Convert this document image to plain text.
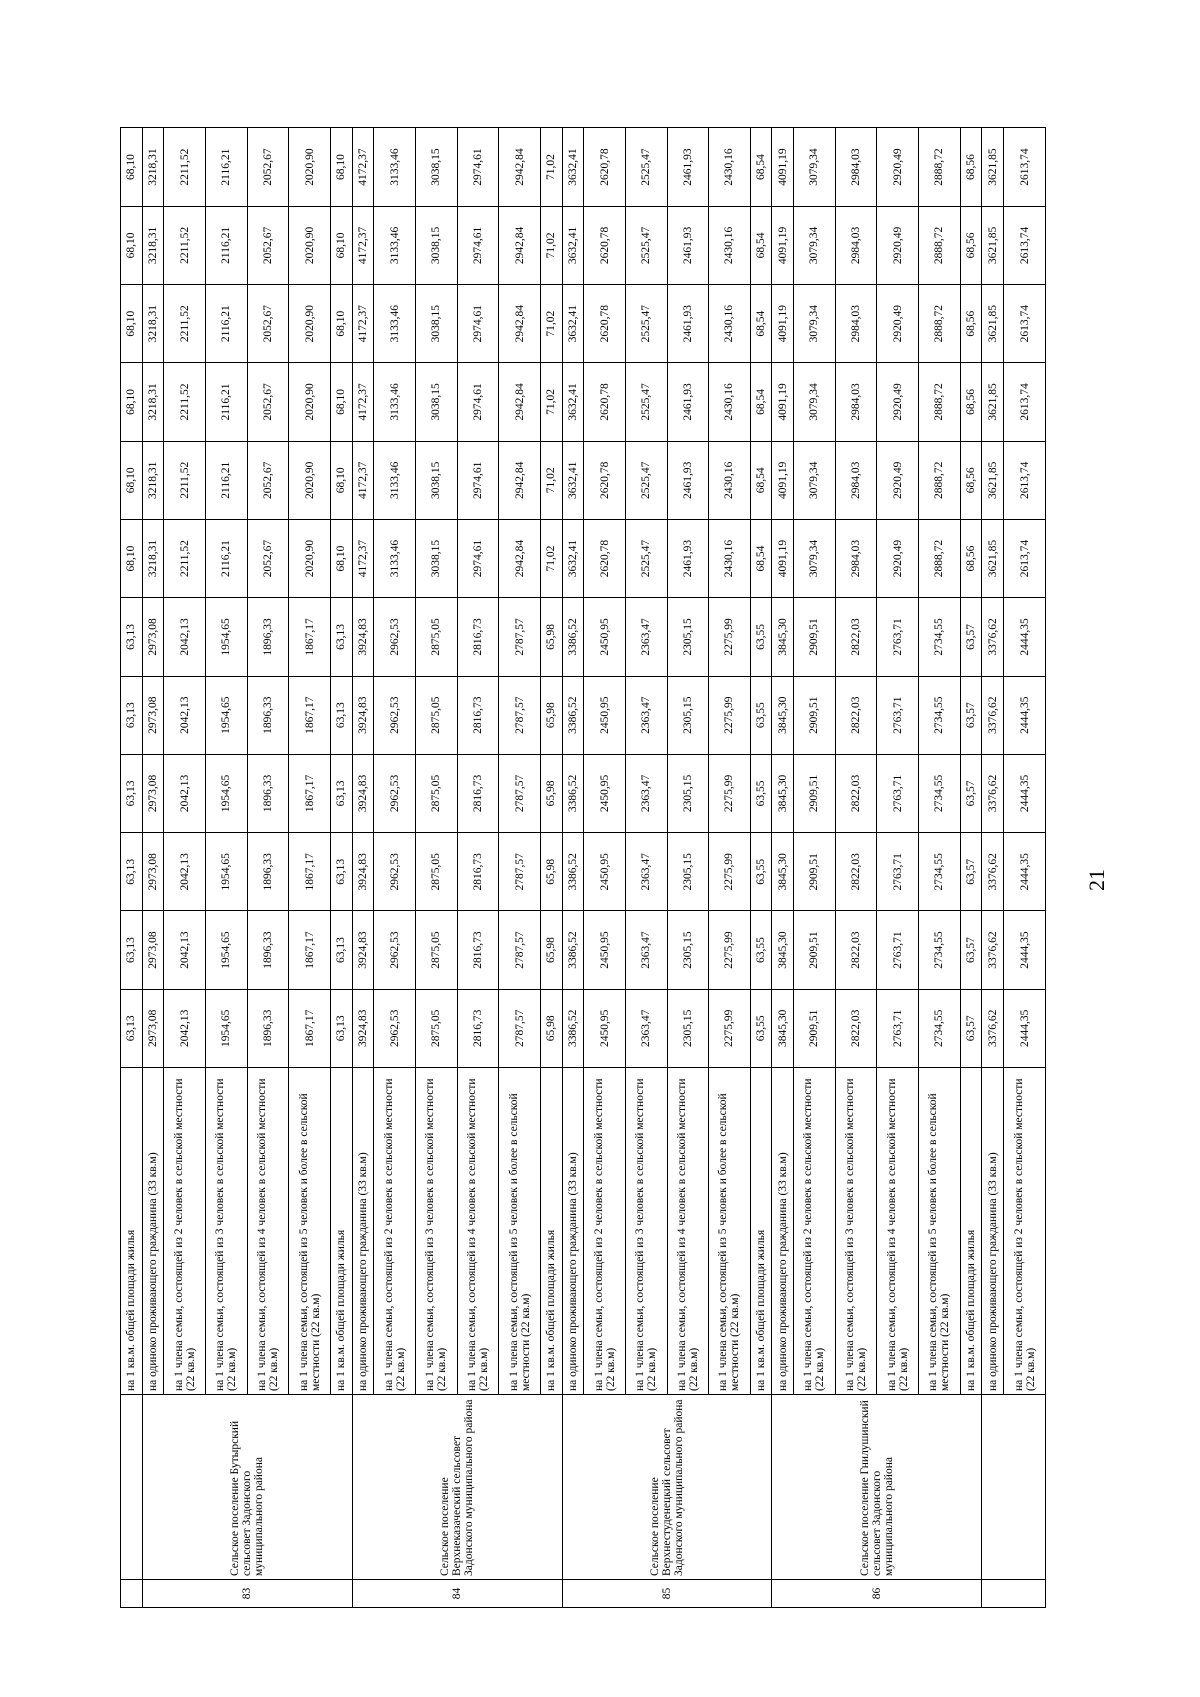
		на 1 кв.м. общей площади жилья	63,13	63,13	63,13	63,13	63,13	63,13	68,10	68,10	68,10	68,10	68,10	68,10
83	Сельское поселение Бутырский сельсовет Задонского муниципального района	на одиноко проживающего гражданина (33 кв.м)	2973,08	2973,08	2973,08	2973,08	2973,08	2973,08	3218,31	3218,31	3218,31	3218,31	3218,31	3218,31
		на 1 члена семьи, состоящей из 2 человек в сельской местности (22 кв.м)	2042,13	2042,13	2042,13	2042,13	2042,13	2042,13	2211,52	2211,52	2211,52	2211,52	2211,52	2211,52
		на 1 члена семьи, состоящей из 3 человек в сельской местности (22 кв.м)	1954,65	1954,65	1954,65	1954,65	1954,65	1954,65	2116,21	2116,21	2116,21	2116,21	2116,21	2116,21
		на 1 члена семьи, состоящей из 4 человек в сельской местности (22 кв.м)	1896,33	1896,33	1896,33	1896,33	1896,33	1896,33	2052,67	2052,67	2052,67	2052,67	2052,67	2052,67
		на 1 члена семьи, состоящей из 5 человек и более в сельской местности (22 кв.м)	1867,17	1867,17	1867,17	1867,17	1867,17	1867,17	2020,90	2020,90	2020,90	2020,90	2020,90	2020,90
		на 1 кв.м. общей площади жилья	63,13	63,13	63,13	63,13	63,13	63,13	68,10	68,10	68,10	68,10	68,10	68,10
84	Сельское поселение Верхнеказаческий сельсовет Задонского муниципального района	на одиноко проживающего гражданина (33 кв.м)	3924,83	3924,83	3924,83	3924,83	3924,83	3924,83	4172,37	4172,37	4172,37	4172,37	4172,37	4172,37
		на 1 члена семьи, состоящей из 2 человек в сельской местности (22 кв.м)	2962,53	2962,53	2962,53	2962,53	2962,53	2962,53	3133,46	3133,46	3133,46	3133,46	3133,46	3133,46
		на 1 члена семьи, состоящей из 3 человек в сельской местности (22 кв.м)	2875,05	2875,05	2875,05	2875,05	2875,05	2875,05	3038,15	3038,15	3038,15	3038,15	3038,15	3038,15
		на 1 члена семьи, состоящей из 4 человек в сельской местности (22 кв.м)	2816,73	2816,73	2816,73	2816,73	2816,73	2816,73	2974,61	2974,61	2974,61	2974,61	2974,61	2974,61
		на 1 члена семьи, состоящей из 5 человек и более в сельской местности (22 кв.м)	2787,57	2787,57	2787,57	2787,57	2787,57	2787,57	2942,84	2942,84	2942,84	2942,84	2942,84	2942,84
		на 1 кв.м. общей площади жилья	65,98	65,98	65,98	65,98	65,98	65,98	71,02	71,02	71,02	71,02	71,02	71,02
85	Сельское поселение Верхнестуденецкий сельсовет Задонского муниципального района	на одиноко проживающего гражданина (33 кв.м)	3386,52	3386,52	3386,52	3386,52	3386,52	3386,52	3632,41	3632,41	3632,41	3632,41	3632,41	3632,41
		на 1 члена семьи, состоящей из 2 человек в сельской местности (22 кв.м)	2450,95	2450,95	2450,95	2450,95	2450,95	2450,95	2620,78	2620,78	2620,78	2620,78	2620,78	2620,78
		на 1 члена семьи, состоящей из 3 человек в сельской местности (22 кв.м)	2363,47	2363,47	2363,47	2363,47	2363,47	2363,47	2525,47	2525,47	2525,47	2525,47	2525,47	2525,47
		на 1 члена семьи, состоящей из 4 человек в сельской местности (22 кв.м)	2305,15	2305,15	2305,15	2305,15	2305,15	2305,15	2461,93	2461,93	2461,93	2461,93	2461,93	2461,93
		на 1 члена семьи, состоящей из 5 человек и более в сельской местности (22 кв.м)	2275,99	2275,99	2275,99	2275,99	2275,99	2275,99	2430,16	2430,16	2430,16	2430,16	2430,16	2430,16
		на 1 кв.м. общей площади жилья	63,55	63,55	63,55	63,55	63,55	63,55	68,54	68,54	68,54	68,54	68,54	68,54
86	Сельское поселение Гнилушинский сельсовет Задонского муниципального района	на одиноко проживающего гражданина (33 кв.м)	3845,30	3845,30	3845,30	3845,30	3845,30	3845,30	4091,19	4091,19	4091,19	4091,19	4091,19	4091,19
		на 1 члена семьи, состоящей из 2 человек в сельской местности (22 кв.м)	2909,51	2909,51	2909,51	2909,51	2909,51	2909,51	3079,34	3079,34	3079,34	3079,34	3079,34	3079,34
		на 1 члена семьи, состоящей из 3 человек в сельской местности (22 кв.м)	2822,03	2822,03	2822,03	2822,03	2822,03	2822,03	2984,03	2984,03	2984,03	2984,03	2984,03	2984,03
		на 1 члена семьи, состоящей из 4 человек в сельской местности (22 кв.м)	2763,71	2763,71	2763,71	2763,71	2763,71	2763,71	2920,49	2920,49	2920,49	2920,49	2920,49	2920,49
		на 1 члена семьи, состоящей из 5 человек и более в сельской местности (22 кв.м)	2734,55	2734,55	2734,55	2734,55	2734,55	2734,55	2888,72	2888,72	2888,72	2888,72	2888,72	2888,72
		на 1 кв.м. общей площади жилья	63,57	63,57	63,57	63,57	63,57	63,57	68,56	68,56	68,56	68,56	68,56	68,56
		на одиноко проживающего гражданина (33 кв.м)	3376,62	3376,62	3376,62	3376,62	3376,62	3376,62	3621,85	3621,85	3621,85	3621,85	3621,85	3621,85
		на 1 члена семьи, состоящей из 2 человек в сельской местности (22 кв.м)	2444,35	2444,35	2444,35	2444,35	2444,35	2444,35	2613,74	2613,74	2613,74	2613,74	2613,74	2613,74
21
